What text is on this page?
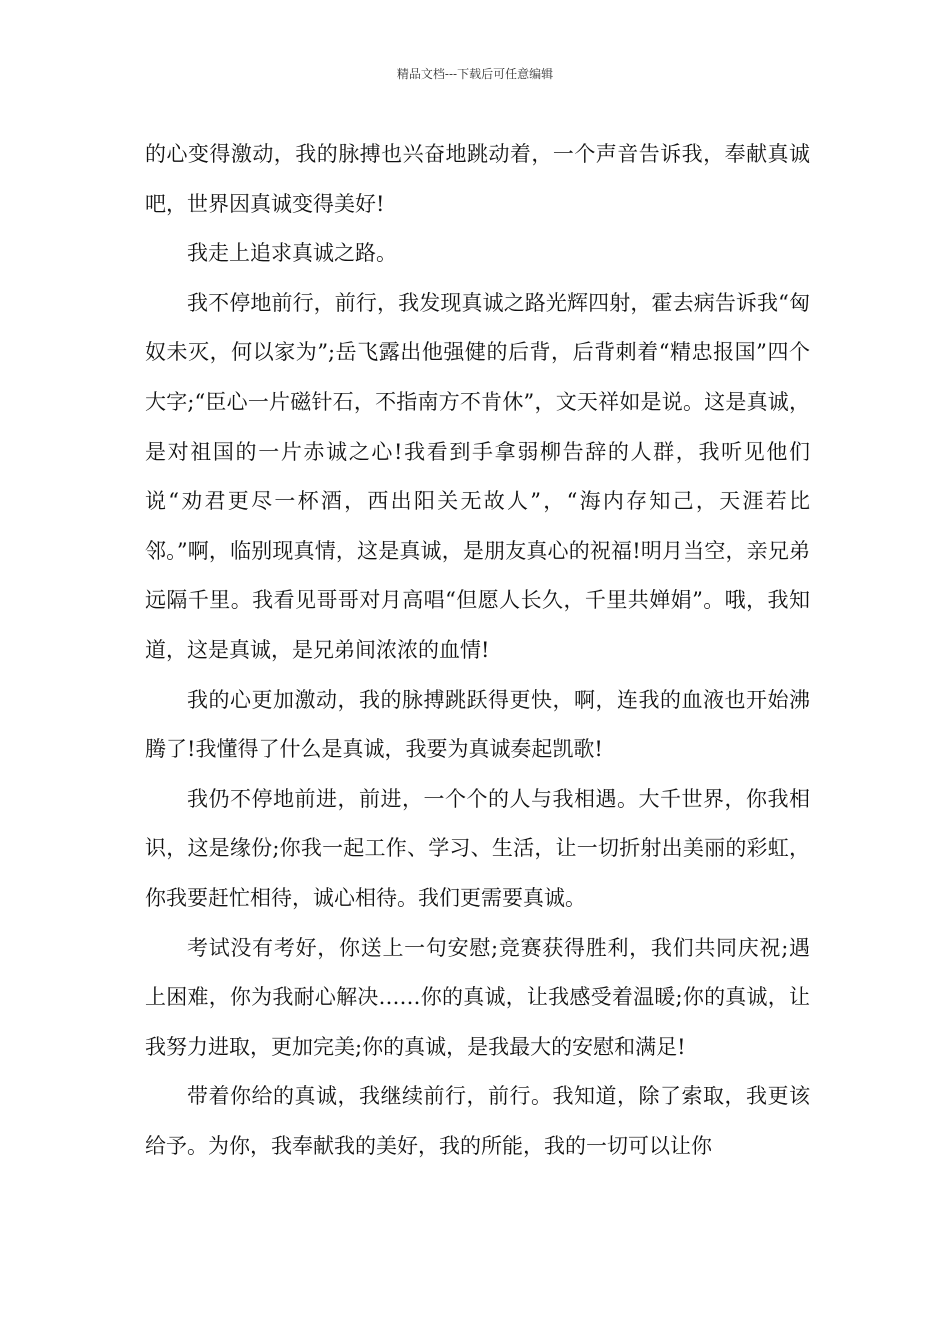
精品文档---下载后可任意编辑

的心变得激动，我的脉搏也兴奋地跳动着，一个声音告诉我，奉献真诚吧，世界因真诚变得美好!

我走上追求真诚之路。

我不停地前行，前行，我发现真诚之路光辉四射，霍去病告诉我“匈奴未灭，何以家为”;岳飞露出他强健的后背，后背刺着“精忠报国”四个大字;“臣心一片磁针石，不指南方不肯休”，文天祥如是说。这是真诚，是对祖国的一片赤诚之心!我看到手拿弱柳告辞的人群，我听见他们说“劝君更尽一杯酒，西出阳关无故人”，“海内存知己，天涯若比邻。”啊，临别现真情，这是真诚，是朋友真心的祝福!明月当空，亲兄弟远隔千里。我看见哥哥对月高唱“但愿人长久，千里共婵娟”。哦，我知道，这是真诚，是兄弟间浓浓的血情!

我的心更加激动，我的脉搏跳跃得更快，啊，连我的血液也开始沸腾了!我懂得了什么是真诚，我要为真诚奏起凯歌!

我仍不停地前进，前进，一个个的人与我相遇。大千世界，你我相识，这是缘份;你我一起工作、学习、生活，让一切折射出美丽的彩虹，你我要赶忙相待，诚心相待。我们更需要真诚。

考试没有考好，你送上一句安慰;竞赛获得胜利，我们共同庆祝;遇上困难，你为我耐心解决……你的真诚，让我感受着温暖;你的真诚，让我努力进取，更加完美;你的真诚，是我最大的安慰和满足!

带着你给的真诚，我继续前行，前行。我知道，除了索取，我更该给予。为你，我奉献我的美好，我的所能，我的一切可以让你
